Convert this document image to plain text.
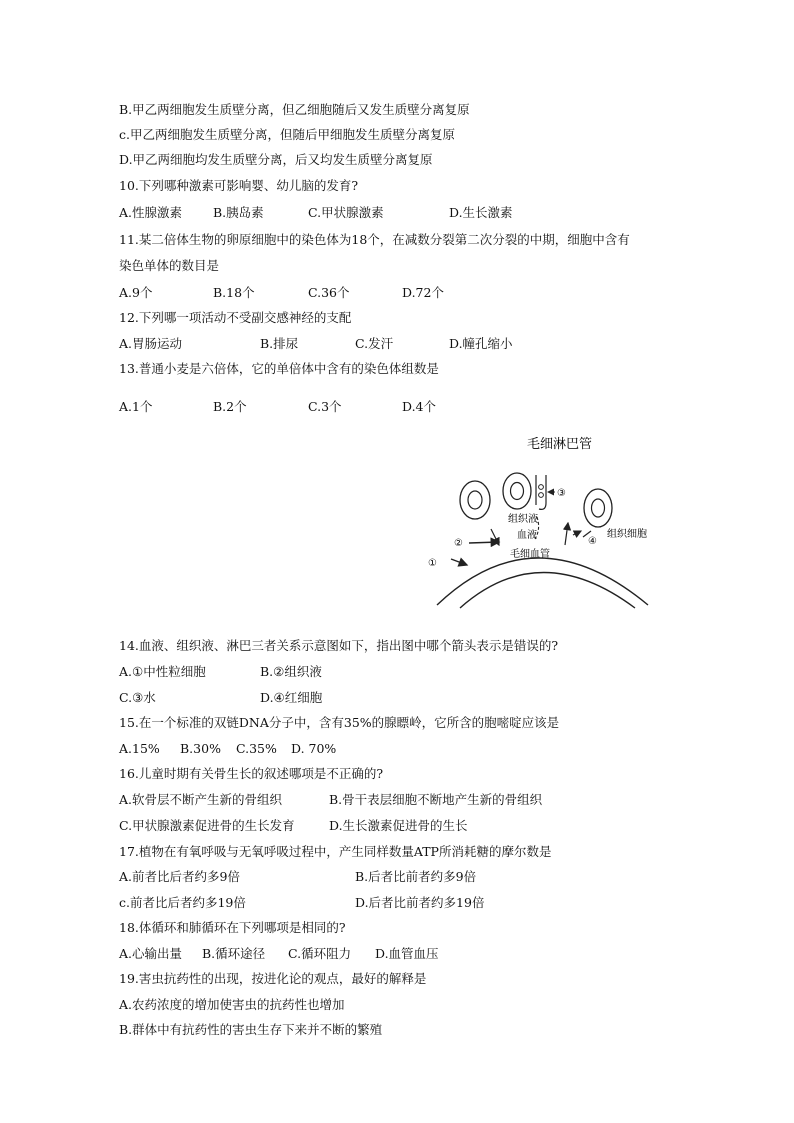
B.甲乙两细胞发生质壁分离，但乙细胞随后又发生质壁分离复原
c.甲乙两细胞发生质壁分离，但随后甲细胞发生质壁分离复原
D.甲乙两细胞均发生质壁分离，后又均发生质壁分离复原
10.下列哪种激素可影响婴、幼儿脑的发育?
A.性腺激素 B.胰岛素	C.甲状腺激素	D.生长激素
11.某二倍体生物的卵原细胞中的染色体为18个，在减数分裂第二次分裂的中期，细胞中含有
染色单体的数目是
A.9个	B.18个	C.36个	D.72个
12.下列哪一项活动不受副交感神经的支配
A.胃肠运动	B.排尿	C.发汗	D.幢孔缩小
13.普通小麦是六倍体，它的单倍体中含有的染色体组数是
A.1个	B.2个	C.3个	D.4个
毛细淋巴管
组织液
血液
毛细血管
组织细胞
①
②
③
④
14.血液、组织液、淋巴三者关系示意图如下，指出图中哪个箭头表示是错误的?
A.①中性粒细胞	B.②组织液
C.③水	D.④红细胞
15.在一个标准的双链DNA分子中，含有35%的腺瞟岭，它所含的胞嘧啶应该是
A.15% B.30% C.35% D. 70%
16.儿童时期有关骨生长的叙述哪项是不正确的?
A.软骨层不断产生新的骨组织	B.骨干表层细胞不断地产生新的骨组织
C.甲状腺激素促进骨的生长发育	D.生长激素促进骨的生长
17.植物在有氧呼吸与无氧呼吸过程中，产生同样数量ATP所消耗糖的摩尔数是
A.前者比后者约多9倍	B.后者比前者约多9倍
c.前者比后者约多19倍	D.后者比前者约多19倍
18.体循环和肺循环在下列哪项是相同的?
A.心输出量 B.循环途径 C.循环阻力 D.血管血压
19.害虫抗药性的出现，按进化论的观点，最好的解释是
A.农药浓度的增加使害虫的抗药性也增加
B.群体中有抗药性的害虫生存下来并不断的繁殖
